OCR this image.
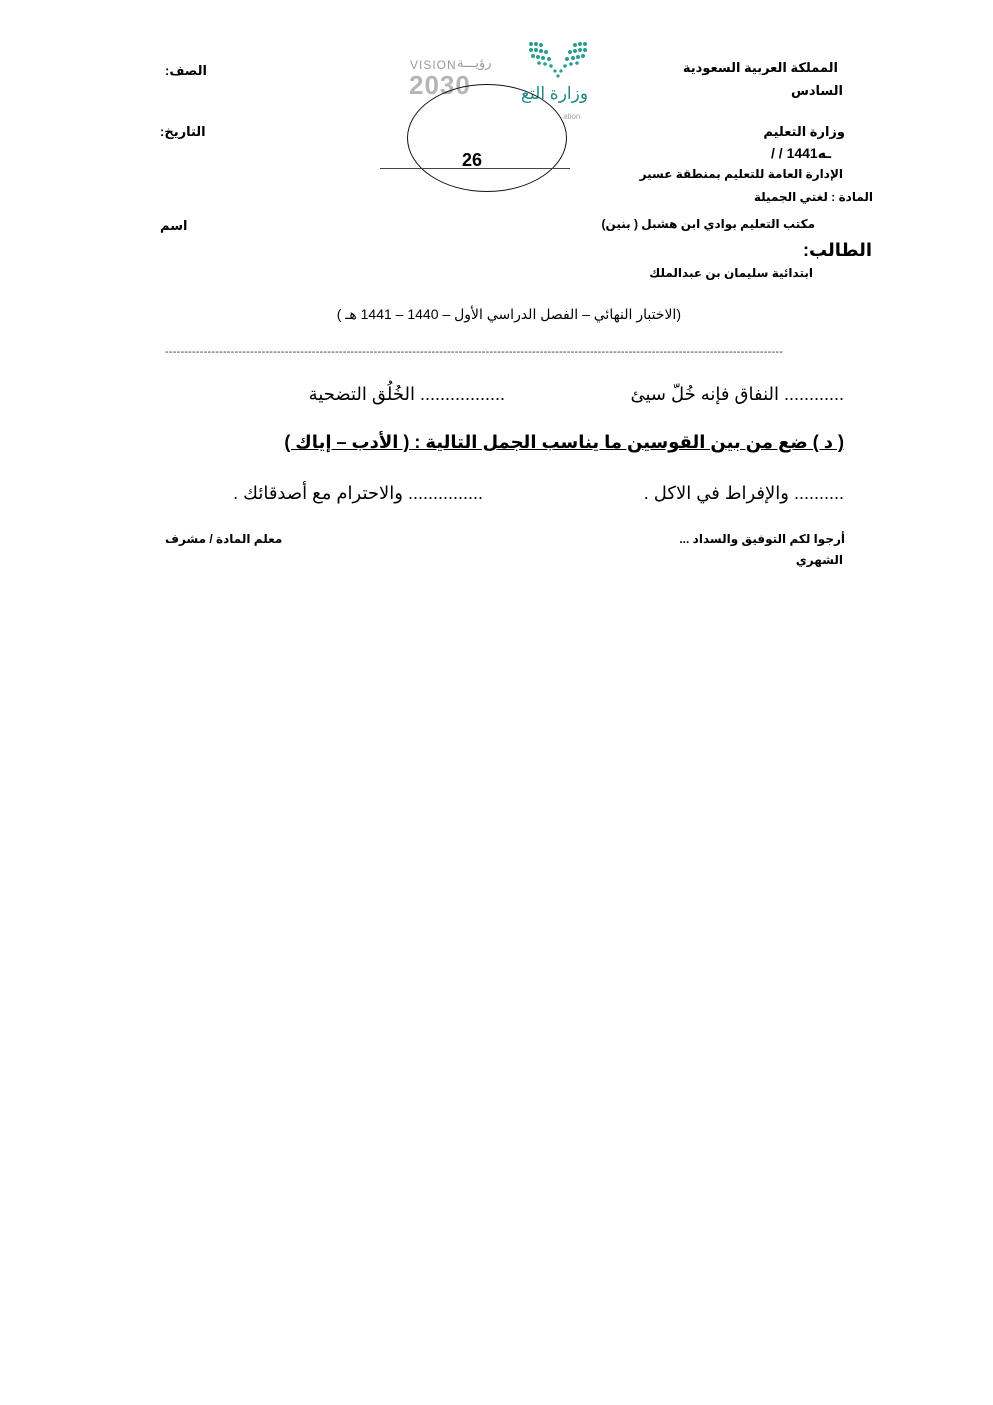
المملكة العربية السعودية
السادس
وزارة التعليم
/ / 1441هـ
الإدارة العامة للتعليم بمنطقة عسير
المادة : لغتي الجميلة
مكتب التعليم بوادي ابن هشبل ( بنين)
الطالب:
ابتدائية سليمان بن عبدالملك
الصف:
التاريخ:
اسم
VISION رؤيـــة
2030	وزارة التع
ation
26
(الاختبار النهائي – الفصل الدراسي الأول – 1440 – 1441 هـ )
----------------------------------------------------------------------------------------------------------------------------------------------------------------
............ النفاق فإنه خُلّ سيئ
................. الخُلُق التضحية
( د ) ضع من بين القوسين ما يناسب الجمل التالية : ( الأدب – إياك )
.......... والإفراط في الاكل .
............... والاحترام مع أصدقائك .
أرجوا لكم التوفيق والسداد ...
الشهري
معلم المادة / مشرف
